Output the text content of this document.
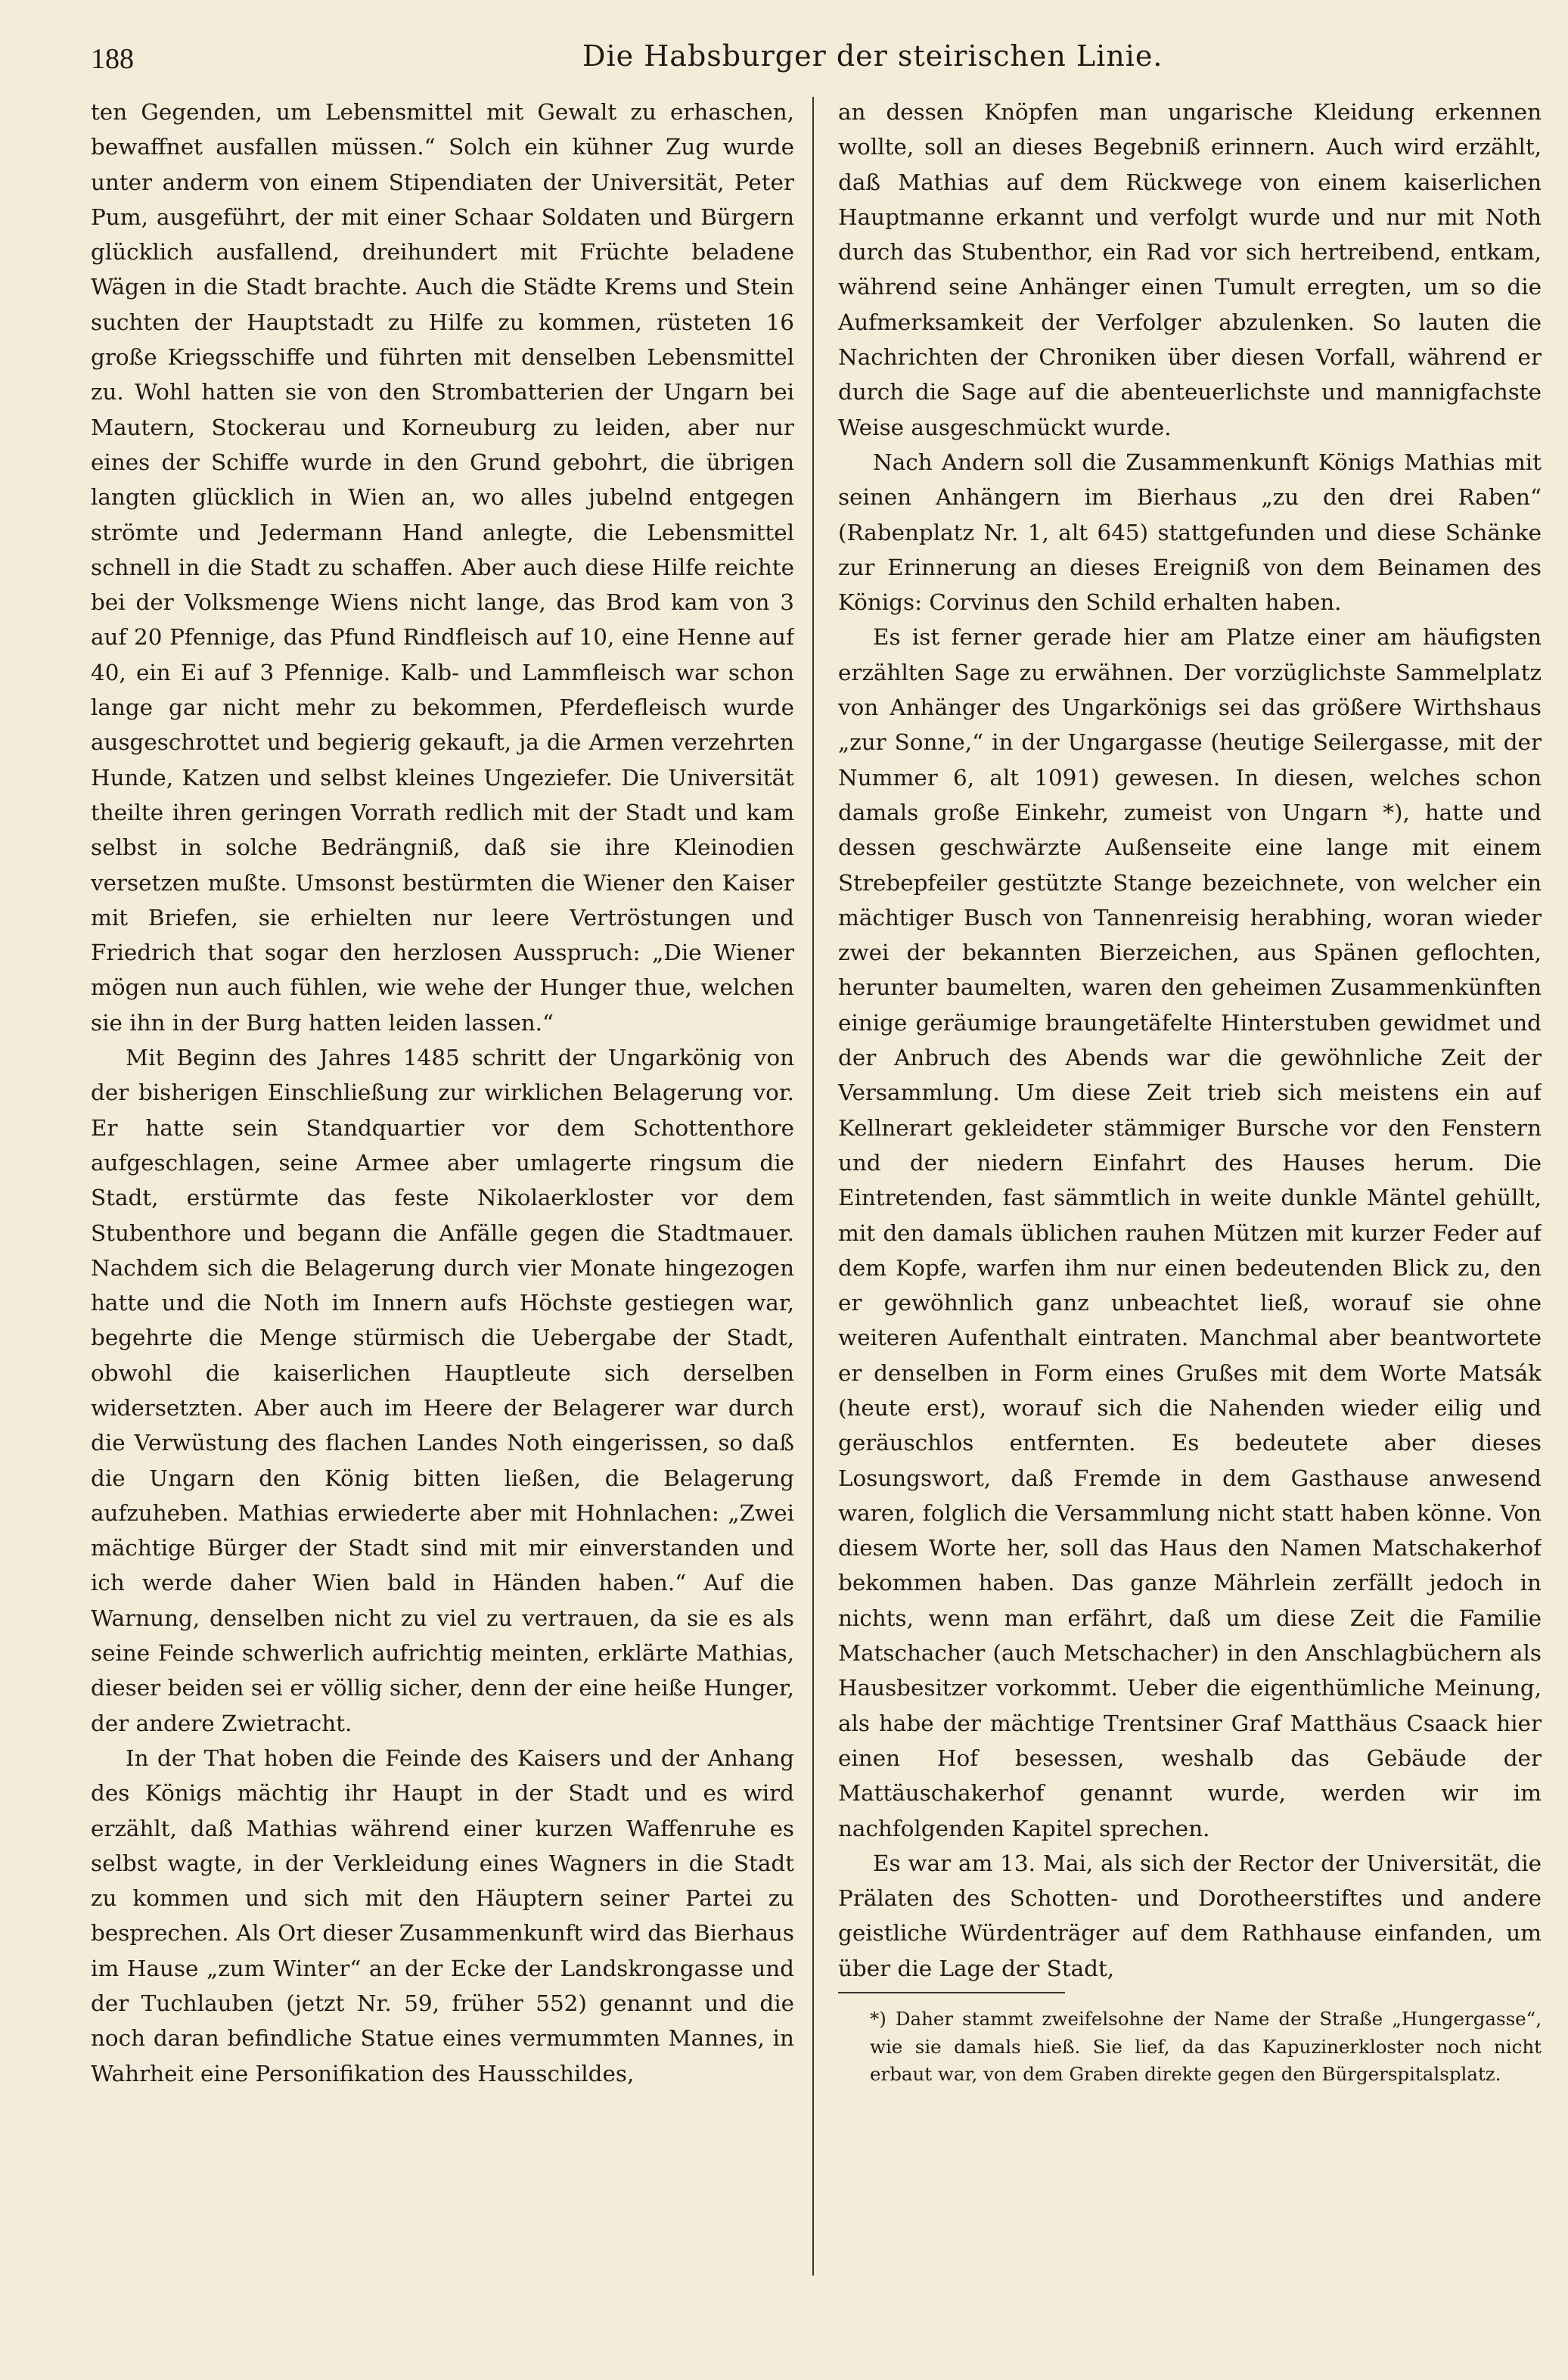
188	Die Habsburger der steirischen Linie.

ten Gegenden, um Lebensmittel mit Gewalt zu erhaschen, bewaffnet ausfallen müssen.“ Solch ein kühner Zug wurde unter anderm von einem Stipendiaten der Universität, Peter Pum, ausgeführt, der mit einer Schaar Soldaten und Bürgern glücklich ausfallend, dreihundert mit Früchte beladene Wägen in die Stadt brachte. Auch die Städte Krems und Stein suchten der Hauptstadt zu Hilfe zu kommen, rüsteten 16 große Kriegsschiffe und führten mit denselben Lebensmittel zu. Wohl hatten sie von den Strombatterien der Ungarn bei Mautern, Stockerau und Korneuburg zu leiden, aber nur eines der Schiffe wurde in den Grund gebohrt, die übrigen langten glücklich in Wien an, wo alles jubelnd entgegen strömte und Jedermann Hand anlegte, die Lebensmittel schnell in die Stadt zu schaffen. Aber auch diese Hilfe reichte bei der Volksmenge Wiens nicht lange, das Brod kam von 3 auf 20 Pfennige, das Pfund Rindfleisch auf 10, eine Henne auf 40, ein Ei auf 3 Pfennige. Kalb- und Lammfleisch war schon lange gar nicht mehr zu bekommen, Pferdefleisch wurde ausgeschrottet und begierig gekauft, ja die Armen verzehrten Hunde, Katzen und selbst kleines Ungeziefer. Die Universität theilte ihren geringen Vorrath redlich mit der Stadt und kam selbst in solche Bedrängniß, daß sie ihre Kleinodien versetzen mußte. Umsonst bestürmten die Wiener den Kaiser mit Briefen, sie erhielten nur leere Vertröstungen und Friedrich that sogar den herzlosen Ausspruch: „Die Wiener mögen nun auch fühlen, wie wehe der Hunger thue, welchen sie ihn in der Burg hatten leiden lassen.“

Mit Beginn des Jahres 1485 schritt der Ungarkönig von der bisherigen Einschließung zur wirklichen Belagerung vor. Er hatte sein Standquartier vor dem Schottenthore aufgeschlagen, seine Armee aber umlagerte ringsum die Stadt, erstürmte das feste Nikolaerkloster vor dem Stubenthore und begann die Anfälle gegen die Stadtmauer. Nachdem sich die Belagerung durch vier Monate hingezogen hatte und die Noth im Innern aufs Höchste gestiegen war, begehrte die Menge stürmisch die Uebergabe der Stadt, obwohl die kaiserlichen Hauptleute sich derselben widersetzten. Aber auch im Heere der Belagerer war durch die Verwüstung des flachen Landes Noth eingerissen, so daß die Ungarn den König bitten ließen, die Belagerung aufzuheben. Mathias erwiederte aber mit Hohnlachen: „Zwei mächtige Bürger der Stadt sind mit mir einverstanden und ich werde daher Wien bald in Händen haben.“ Auf die Warnung, denselben nicht zu viel zu vertrauen, da sie es als seine Feinde schwerlich aufrichtig meinten, erklärte Mathias, dieser beiden sei er völlig sicher, denn der eine heiße Hunger, der andere Zwietracht.

In der That hoben die Feinde des Kaisers und der Anhang des Königs mächtig ihr Haupt in der Stadt und es wird erzählt, daß Mathias während einer kurzen Waffenruhe es selbst wagte, in der Verkleidung eines Wagners in die Stadt zu kommen und sich mit den Häuptern seiner Partei zu besprechen. Als Ort dieser Zusammenkunft wird das Bierhaus im Hause „zum Winter“ an der Ecke der Landskrongasse und der Tuchlauben (jetzt Nr. 59, früher 552) genannt und die noch daran befindliche Statue eines vermummten Mannes, in Wahrheit eine Personifikation des Hausschildes,

an dessen Knöpfen man ungarische Kleidung erkennen wollte, soll an dieses Begebniß erinnern. Auch wird erzählt, daß Mathias auf dem Rückwege von einem kaiserlichen Hauptmanne erkannt und verfolgt wurde und nur mit Noth durch das Stubenthor, ein Rad vor sich hertreibend, entkam, während seine Anhänger einen Tumult erregten, um so die Aufmerksamkeit der Verfolger abzulenken. So lauten die Nachrichten der Chroniken über diesen Vorfall, während er durch die Sage auf die abenteuerlichste und mannigfachste Weise ausgeschmückt wurde.

Nach Andern soll die Zusammenkunft Königs Mathias mit seinen Anhängern im Bierhaus „zu den drei Raben“ (Rabenplatz Nr. 1, alt 645) stattgefunden und diese Schänke zur Erinnerung an dieses Ereigniß von dem Beinamen des Königs: Corvinus den Schild erhalten haben.

Es ist ferner gerade hier am Platze einer am häufigsten erzählten Sage zu erwähnen. Der vorzüglichste Sammelplatz von Anhänger des Ungarkönigs sei das größere Wirthshaus „zur Sonne,“ in der Ungargasse (heutige Seilergasse, mit der Nummer 6, alt 1091) gewesen. In diesen, welches schon damals große Einkehr, zumeist von Ungarn *), hatte und dessen geschwärzte Außenseite eine lange mit einem Strebepfeiler gestützte Stange bezeichnete, von welcher ein mächtiger Busch von Tannenreisig herabhing, woran wieder zwei der bekannten Bierzeichen, aus Spänen geflochten, herunter baumelten, waren den geheimen Zusammenkünften einige geräumige braungetäfelte Hinterstuben gewidmet und der Anbruch des Abends war die gewöhnliche Zeit der Versammlung. Um diese Zeit trieb sich meistens ein auf Kellnerart gekleideter stämmiger Bursche vor den Fenstern und der niedern Einfahrt des Hauses herum. Die Eintretenden, fast sämmtlich in weite dunkle Mäntel gehüllt, mit den damals üblichen rauhen Mützen mit kurzer Feder auf dem Kopfe, warfen ihm nur einen bedeutenden Blick zu, den er gewöhnlich ganz unbeachtet ließ, worauf sie ohne weiteren Aufenthalt eintraten. Manchmal aber beantwortete er denselben in Form eines Grußes mit dem Worte Matsák (heute erst), worauf sich die Nahenden wieder eilig und geräuschlos entfernten. Es bedeutete aber dieses Losungswort, daß Fremde in dem Gasthause anwesend waren, folglich die Versammlung nicht statt haben könne. Von diesem Worte her, soll das Haus den Namen Matschakerhof bekommen haben. Das ganze Mährlein zerfällt jedoch in nichts, wenn man erfährt, daß um diese Zeit die Familie Matschacher (auch Metschacher) in den Anschlagbüchern als Hausbesitzer vorkommt. Ueber die eigenthümliche Meinung, als habe der mächtige Trentsiner Graf Matthäus Csaack hier einen Hof besessen, weshalb das Gebäude der Mattäuschakerhof genannt wurde, werden wir im nachfolgenden Kapitel sprechen.

Es war am 13. Mai, als sich der Rector der Universität, die Prälaten des Schotten- und Dorotheerstiftes und andere geistliche Würdenträger auf dem Rathhause einfanden, um über die Lage der Stadt,

*) Daher stammt zweifelsohne der Name der Straße „Hungergasse“, wie sie damals hieß. Sie lief, da das Kapuzinerkloster noch nicht erbaut war, von dem Graben direkte gegen den Bürgerspitalsplatz.
